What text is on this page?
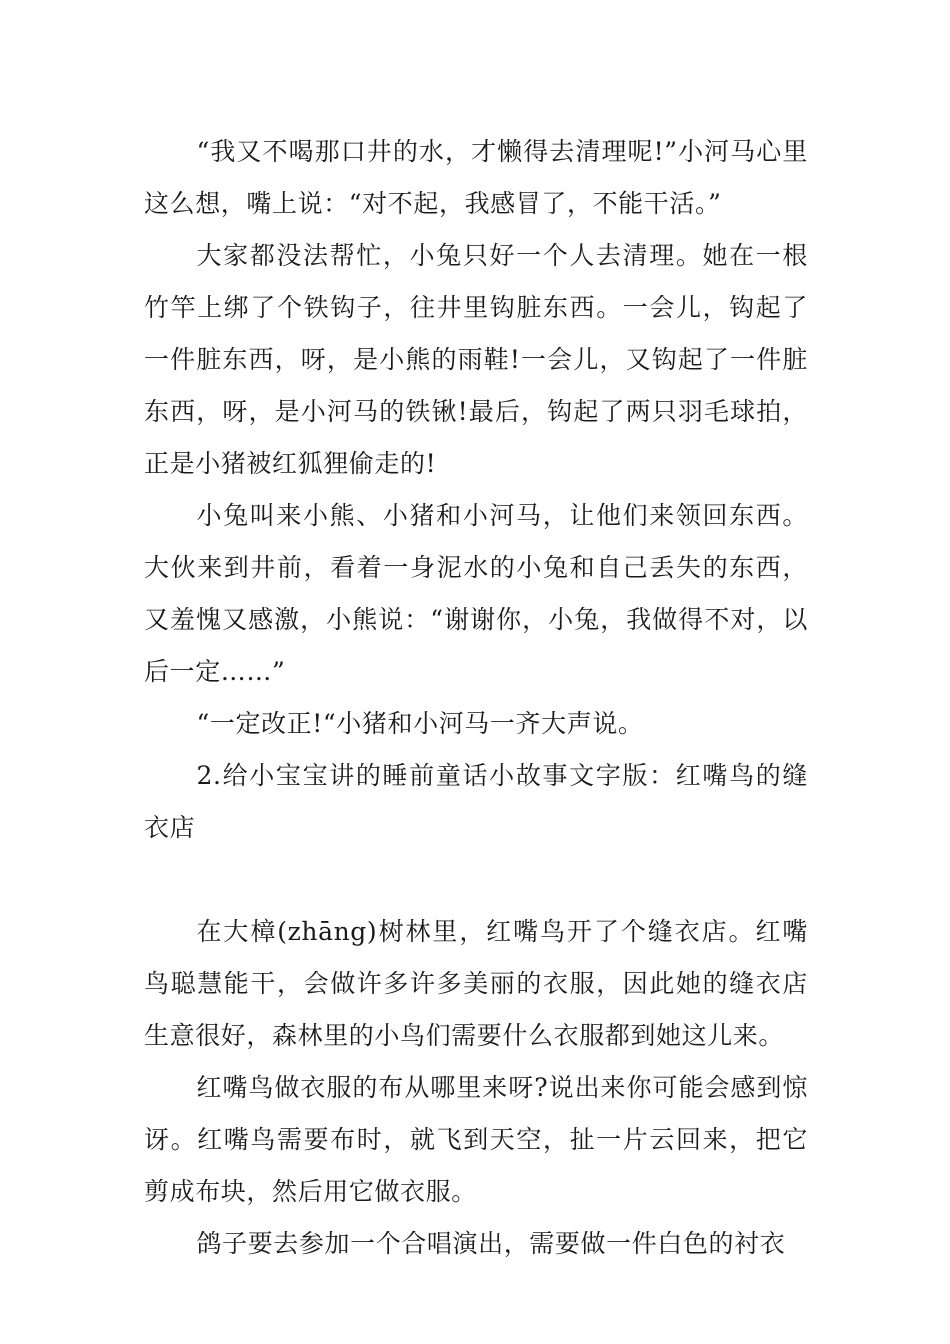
“我又不喝那口井的水，才懒得去清理呢!”小河马心里这么想，嘴上说：“对不起，我感冒了，不能干活。”

大家都没法帮忙，小兔只好一个人去清理。她在一根竹竿上绑了个铁钩子，往井里钩脏东西。一会儿，钩起了一件脏东西，呀，是小熊的雨鞋!一会儿，又钩起了一件脏东西，呀，是小河马的铁锹!最后，钩起了两只羽毛球拍，正是小猪被红狐狸偷走的!

小兔叫来小熊、小猪和小河马，让他们来领回东西。大伙来到井前，看着一身泥水的小兔和自己丢失的东西，又羞愧又感激，小熊说：“谢谢你，小兔，我做得不对，以后一定……”

“一定改正!“小猪和小河马一齐大声说。

2.给小宝宝讲的睡前童话小故事文字版：红嘴鸟的缝衣店

在大樟(zhāng)树林里，红嘴鸟开了个缝衣店。红嘴鸟聪慧能干，会做许多许多美丽的衣服，因此她的缝衣店生意很好，森林里的小鸟们需要什么衣服都到她这儿来。

红嘴鸟做衣服的布从哪里来呀?说出来你可能会感到惊讶。红嘴鸟需要布时，就飞到天空，扯一片云回来，把它剪成布块，然后用它做衣服。

鸽子要去参加一个合唱演出，需要做一件白色的衬衣
